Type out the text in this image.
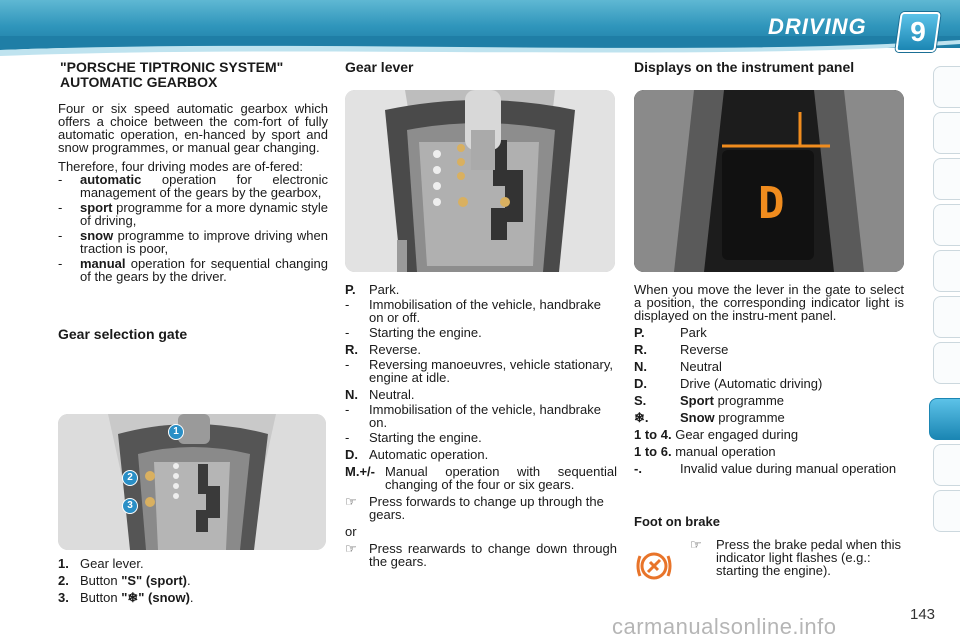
DRIVING	9
"PORSCHE TIPTRONIC SYSTEM" AUTOMATIC GEARBOX

Four or six speed automatic gearbox which offers a choice between the com-fort of fully automatic operation, en-hanced by sport and snow programmes, or manual gear changing.

Therefore, four driving modes are of-fered:

-	automatic operation for electronic management of the gears by the gearbox,
-	sport programme for a more dynamic style of driving,
-	snow programme to improve driving when traction is poor,
-	manual operation for sequential changing of the gears by the driver.
Gear selection gate
1
2
3
1. Gear lever.
2. Button "S" (sport).
3. Button "❄" (snow).
Gear lever
P.	Park.
-	Immobilisation of the vehicle, handbrake on or off.
-	Starting the engine.
R. Reverse.
-	Reversing manoeuvres, vehicle stationary, engine at idle.
N. Neutral.
-	Immobilisation of the vehicle, handbrake on.
-	Starting the engine.
D. Automatic operation.
M.+/- Manual operation with sequential changing of the four or six gears.
☞ Press forwards to change up through the gears.
or
☞ Press rearwards to change down through the gears.
Displays on the instrument panel
D

When you move the lever in the gate to select a position, the corresponding indicator light is displayed on the instru-ment panel.

P.	Park
R.	Reverse
N.	Neutral
D.	Drive (Automatic driving)
S.	Sport programme
❄.	Snow programme
1 to 4. Gear engaged during
1 to 6. manual operation
-.	Invalid value during manual operation
Foot on brake
☞	Press the brake pedal when this indicator light flashes (e.g.: starting the engine).
carmanualsonline.info	143
